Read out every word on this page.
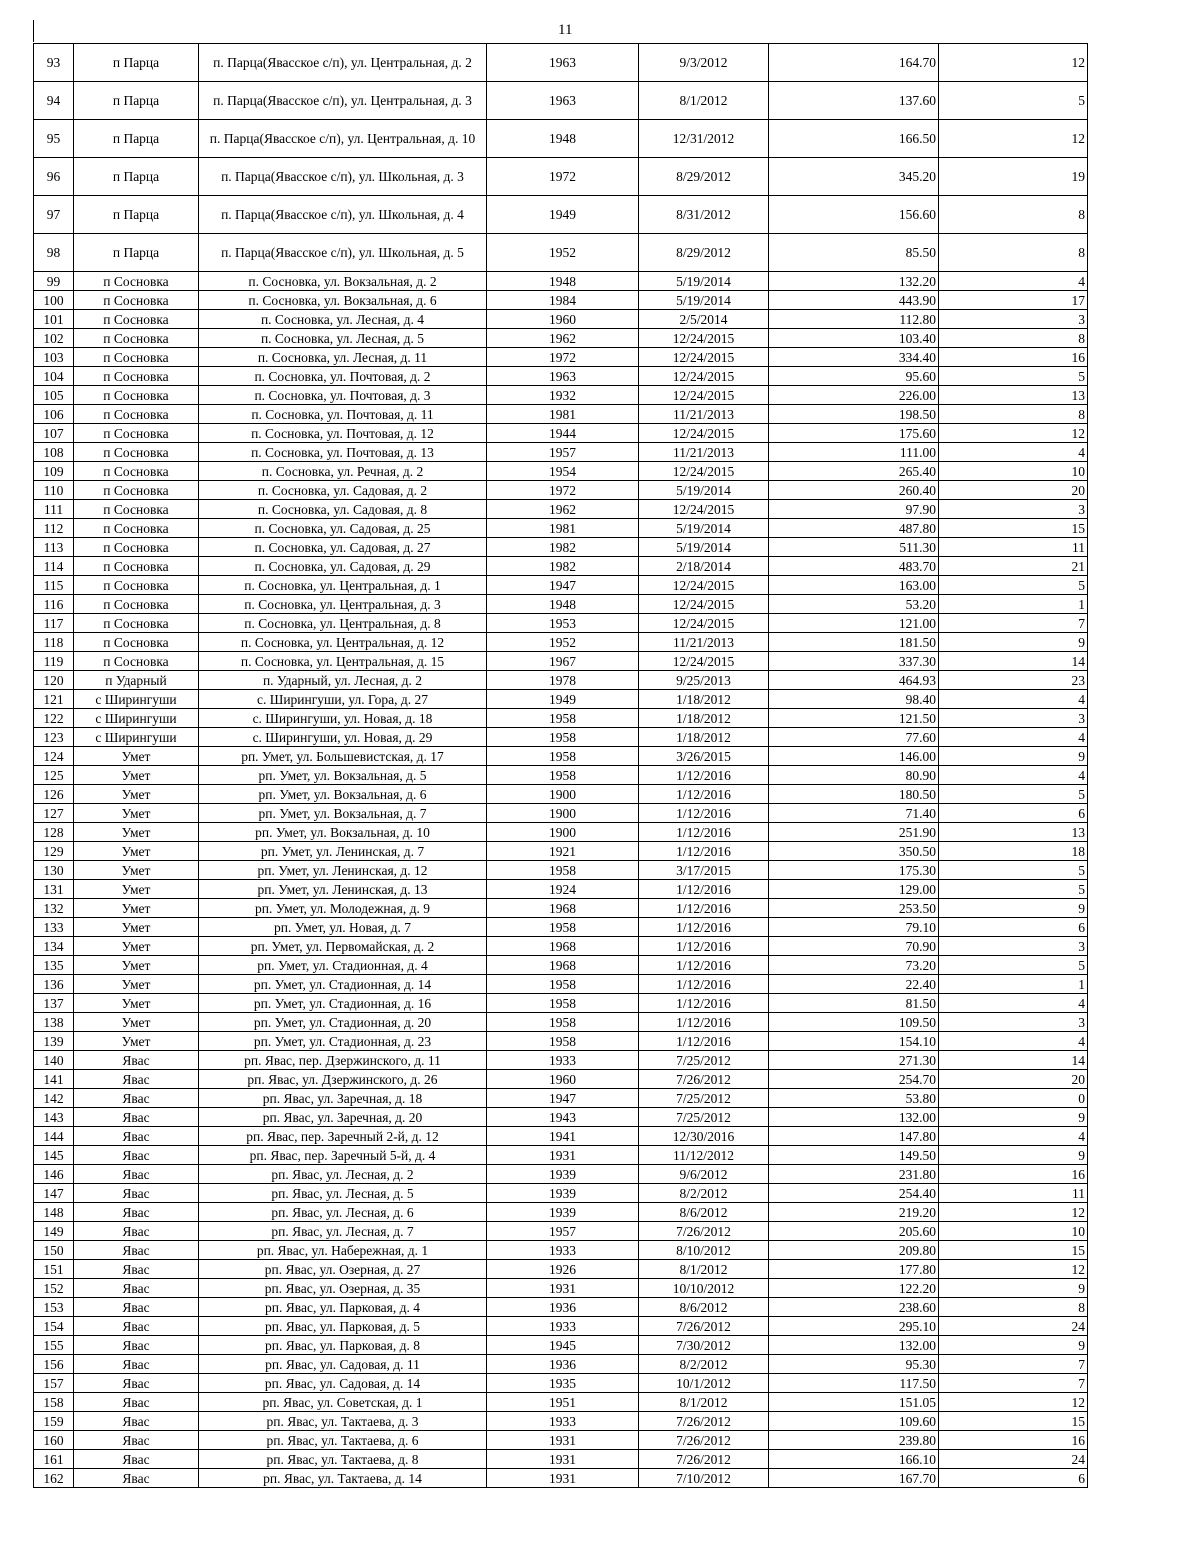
11
93	п Парца	п. Парца(Явасское с/п), ул. Центральная, д. 2	1963	9/3/2012	164.70	12
94	п Парца	п. Парца(Явасское с/п), ул. Центральная, д. 3	1963	8/1/2012	137.60	5
95	п Парца	п. Парца(Явасское с/п), ул. Центральная, д. 10	1948	12/31/2012	166.50	12
96	п Парца	п. Парца(Явасское с/п), ул. Школьная, д. 3	1972	8/29/2012	345.20	19
97	п Парца	п. Парца(Явасское с/п), ул. Школьная, д. 4	1949	8/31/2012	156.60	8
98	п Парца	п. Парца(Явасское с/п), ул. Школьная, д. 5	1952	8/29/2012	85.50	8
99	п Сосновка	п. Сосновка, ул. Вокзальная, д. 2	1948	5/19/2014	132.20	4
100	п Сосновка	п. Сосновка, ул. Вокзальная, д. 6	1984	5/19/2014	443.90	17
101	п Сосновка	п. Сосновка, ул. Лесная, д. 4	1960	2/5/2014	112.80	3
102	п Сосновка	п. Сосновка, ул. Лесная, д. 5	1962	12/24/2015	103.40	8
103	п Сосновка	п. Сосновка, ул. Лесная, д. 11	1972	12/24/2015	334.40	16
104	п Сосновка	п. Сосновка, ул. Почтовая, д. 2	1963	12/24/2015	95.60	5
105	п Сосновка	п. Сосновка, ул. Почтовая, д. 3	1932	12/24/2015	226.00	13
106	п Сосновка	п. Сосновка, ул. Почтовая, д. 11	1981	11/21/2013	198.50	8
107	п Сосновка	п. Сосновка, ул. Почтовая, д. 12	1944	12/24/2015	175.60	12
108	п Сосновка	п. Сосновка, ул. Почтовая, д. 13	1957	11/21/2013	111.00	4
109	п Сосновка	п. Сосновка, ул. Речная, д. 2	1954	12/24/2015	265.40	10
110	п Сосновка	п. Сосновка, ул. Садовая, д. 2	1972	5/19/2014	260.40	20
111	п Сосновка	п. Сосновка, ул. Садовая, д. 8	1962	12/24/2015	97.90	3
112	п Сосновка	п. Сосновка, ул. Садовая, д. 25	1981	5/19/2014	487.80	15
113	п Сосновка	п. Сосновка, ул. Садовая, д. 27	1982	5/19/2014	511.30	11
114	п Сосновка	п. Сосновка, ул. Садовая, д. 29	1982	2/18/2014	483.70	21
115	п Сосновка	п. Сосновка, ул. Центральная, д. 1	1947	12/24/2015	163.00	5
116	п Сосновка	п. Сосновка, ул. Центральная, д. 3	1948	12/24/2015	53.20	1
117	п Сосновка	п. Сосновка, ул. Центральная, д. 8	1953	12/24/2015	121.00	7
118	п Сосновка	п. Сосновка, ул. Центральная, д. 12	1952	11/21/2013	181.50	9
119	п Сосновка	п. Сосновка, ул. Центральная, д. 15	1967	12/24/2015	337.30	14
120	п Ударный	п. Ударный, ул. Лесная, д. 2	1978	9/25/2013	464.93	23
121	с Ширингуши	с. Ширингуши, ул. Гора, д. 27	1949	1/18/2012	98.40	4
122	с Ширингуши	с. Ширингуши, ул. Новая, д. 18	1958	1/18/2012	121.50	3
123	с Ширингуши	с. Ширингуши, ул. Новая, д. 29	1958	1/18/2012	77.60	4
124	Умет	рп. Умет, ул. Большевистская, д. 17	1958	3/26/2015	146.00	9
125	Умет	рп. Умет, ул. Вокзальная, д. 5	1958	1/12/2016	80.90	4
126	Умет	рп. Умет, ул. Вокзальная, д. 6	1900	1/12/2016	180.50	5
127	Умет	рп. Умет, ул. Вокзальная, д. 7	1900	1/12/2016	71.40	6
128	Умет	рп. Умет, ул. Вокзальная, д. 10	1900	1/12/2016	251.90	13
129	Умет	рп. Умет, ул. Ленинская, д. 7	1921	1/12/2016	350.50	18
130	Умет	рп. Умет, ул. Ленинская, д. 12	1958	3/17/2015	175.30	5
131	Умет	рп. Умет, ул. Ленинская, д. 13	1924	1/12/2016	129.00	5
132	Умет	рп. Умет, ул. Молодежная, д. 9	1968	1/12/2016	253.50	9
133	Умет	рп. Умет, ул. Новая, д. 7	1958	1/12/2016	79.10	6
134	Умет	рп. Умет, ул. Первомайская, д. 2	1968	1/12/2016	70.90	3
135	Умет	рп. Умет, ул. Стадионная, д. 4	1968	1/12/2016	73.20	5
136	Умет	рп. Умет, ул. Стадионная, д. 14	1958	1/12/2016	22.40	1
137	Умет	рп. Умет, ул. Стадионная, д. 16	1958	1/12/2016	81.50	4
138	Умет	рп. Умет, ул. Стадионная, д. 20	1958	1/12/2016	109.50	3
139	Умет	рп. Умет, ул. Стадионная, д. 23	1958	1/12/2016	154.10	4
140	Явас	рп. Явас, пер. Дзержинского, д. 11	1933	7/25/2012	271.30	14
141	Явас	рп. Явас, ул. Дзержинского, д. 26	1960	7/26/2012	254.70	20
142	Явас	рп. Явас, ул. Заречная, д. 18	1947	7/25/2012	53.80	0
143	Явас	рп. Явас, ул. Заречная, д. 20	1943	7/25/2012	132.00	9
144	Явас	рп. Явас, пер. Заречный 2-й, д. 12	1941	12/30/2016	147.80	4
145	Явас	рп. Явас, пер. Заречный 5-й, д. 4	1931	11/12/2012	149.50	9
146	Явас	рп. Явас, ул. Лесная, д. 2	1939	9/6/2012	231.80	16
147	Явас	рп. Явас, ул. Лесная, д. 5	1939	8/2/2012	254.40	11
148	Явас	рп. Явас, ул. Лесная, д. 6	1939	8/6/2012	219.20	12
149	Явас	рп. Явас, ул. Лесная, д. 7	1957	7/26/2012	205.60	10
150	Явас	рп. Явас, ул. Набережная, д. 1	1933	8/10/2012	209.80	15
151	Явас	рп. Явас, ул. Озерная, д. 27	1926	8/1/2012	177.80	12
152	Явас	рп. Явас, ул. Озерная, д. 35	1931	10/10/2012	122.20	9
153	Явас	рп. Явас, ул. Парковая, д. 4	1936	8/6/2012	238.60	8
154	Явас	рп. Явас, ул. Парковая, д. 5	1933	7/26/2012	295.10	24
155	Явас	рп. Явас, ул. Парковая, д. 8	1945	7/30/2012	132.00	9
156	Явас	рп. Явас, ул. Садовая, д. 11	1936	8/2/2012	95.30	7
157	Явас	рп. Явас, ул. Садовая, д. 14	1935	10/1/2012	117.50	7
158	Явас	рп. Явас, ул. Советская, д. 1	1951	8/1/2012	151.05	12
159	Явас	рп. Явас, ул. Тактаева, д. 3	1933	7/26/2012	109.60	15
160	Явас	рп. Явас, ул. Тактаева, д. 6	1931	7/26/2012	239.80	16
161	Явас	рп. Явас, ул. Тактаева, д. 8	1931	7/26/2012	166.10	24
162	Явас	рп. Явас, ул. Тактаева, д. 14	1931	7/10/2012	167.70	6
